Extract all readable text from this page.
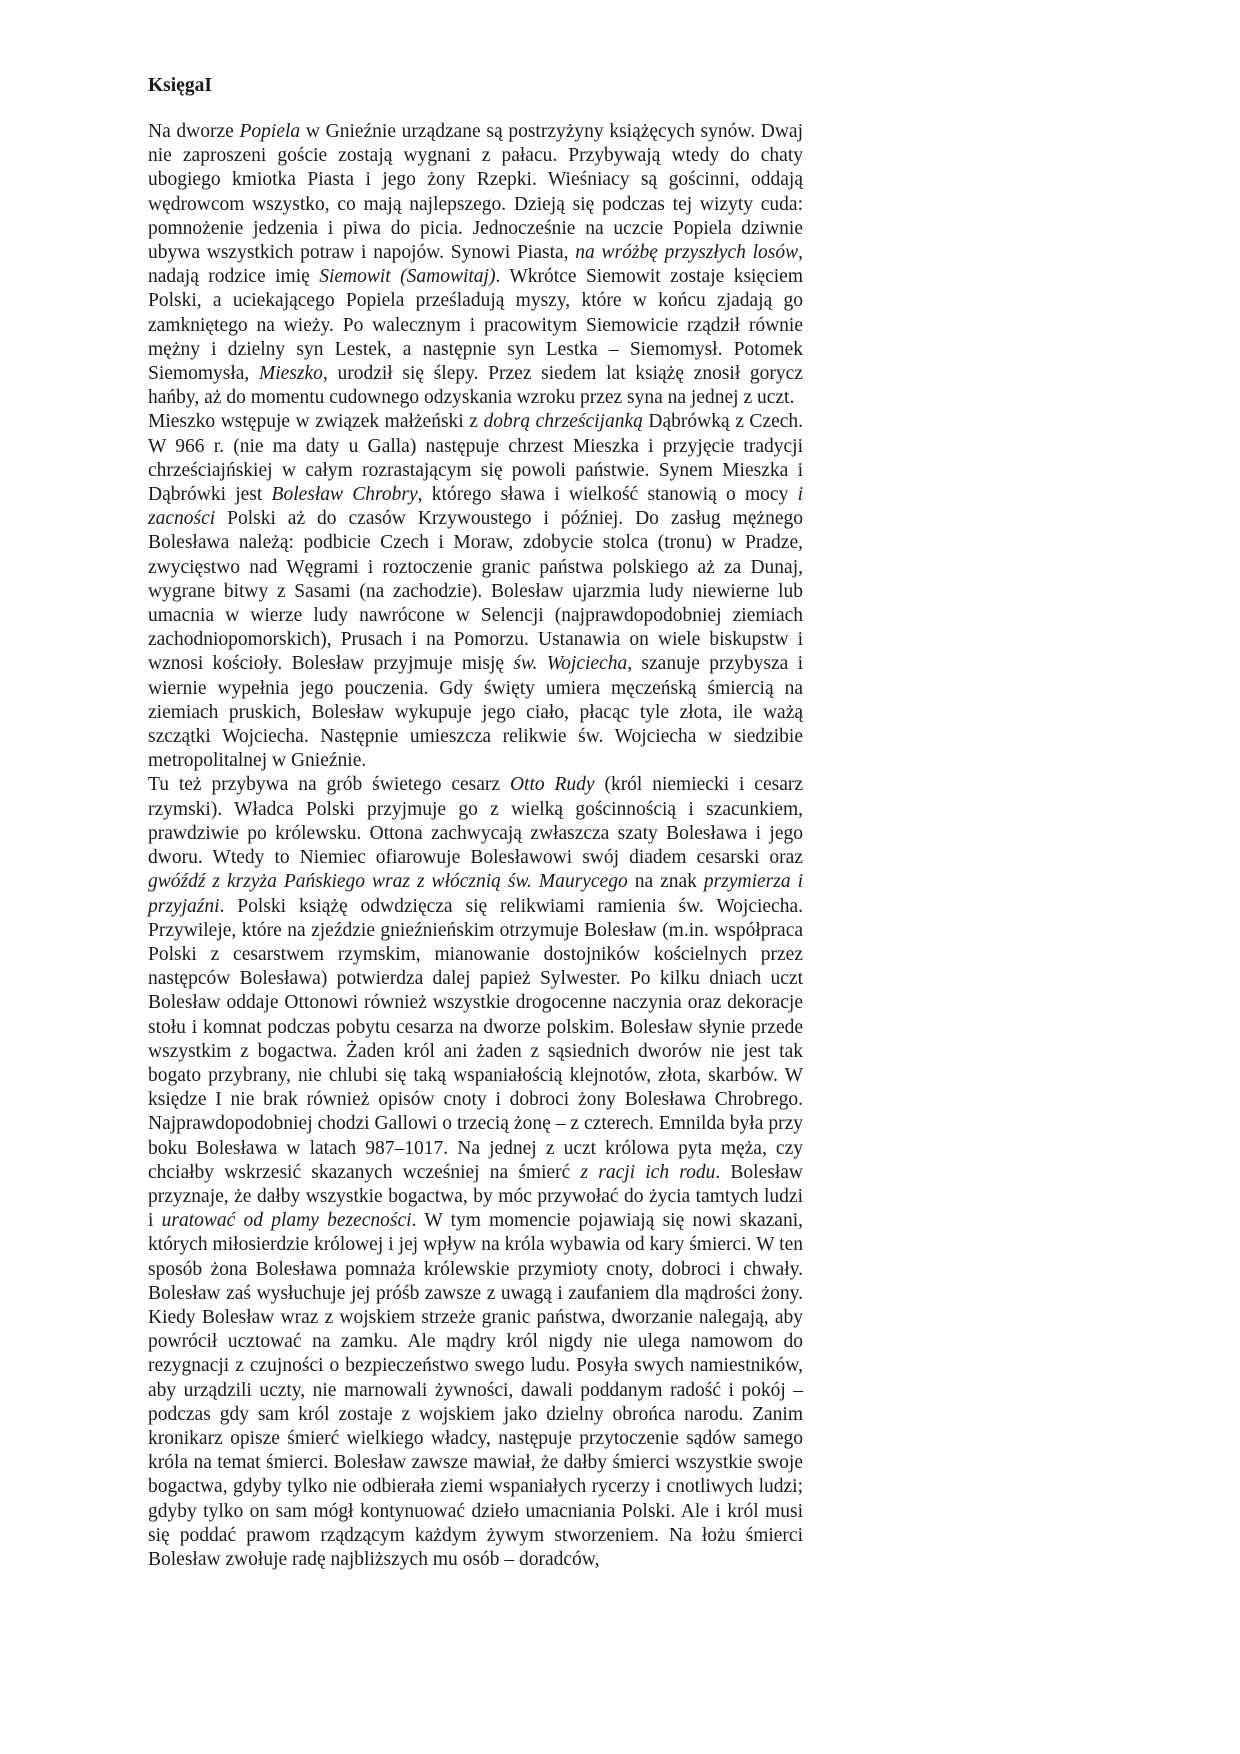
KsięgaI

Na dworze Popiela w Gnieźnie urządzane są postrzyżyny książęcych synów. Dwaj nie zaproszeni goście zostają wygnani z pałacu. Przybywają wtedy do chaty ubogiego kmiotka Piasta i jego żony Rzepki. Wieśniacy są gościnni, oddają wędrowcom wszystko, co mają najlepszego. Dzieją się podczas tej wizyty cuda: pomnożenie jedzenia i piwa do picia. Jednocześnie na uczcie Popiela dziwnie ubywa wszystkich potraw i napojów. Synowi Piasta, na wróżbę przyszłych losów, nadają rodzice imię Siemowit (Samowitaj). Wkrótce Siemowit zostaje księciem Polski, a uciekającego Popiela prześladują myszy, które w końcu zjadają go zamkniętego na wieży. Po walecznym i pracowitym Siemowicie rządził równie mężny i dzielny syn Lestek, a następnie syn Lestka – Siemomysł. Potomek Siemomysła, Mieszko, urodził się ślepy. Przez siedem lat książę znosił gorycz hańby, aż do momentu cudownego odzyskania wzroku przez syna na jednej z uczt.

Mieszko wstępuje w związek małżeński z dobrą chrześcijanką Dąbrówką z Czech. W 966 r. (nie ma daty u Galla) następuje chrzest Mieszka i przyjęcie tradycji chrześciajńskiej w całym rozrastającym się powoli państwie. Synem Mieszka i Dąbrówki jest Bolesław Chrobry, którego sława i wielkość stanowią o mocy i zacności Polski aż do czasów Krzywoustego i później. Do zasług mężnego Bolesława należą: podbicie Czech i Moraw, zdobycie stolca (tronu) w Pradze, zwycięstwo nad Węgrami i roztoczenie granic państwa polskiego aż za Dunaj, wygrane bitwy z Sasami (na zachodzie). Bolesław ujarzmia ludy niewierne lub umacnia w wierze ludy nawrócone w Selencji (najprawdopodobniej ziemiach zachodniopomorskich), Prusach i na Pomorzu. Ustanawia on wiele biskupstw i wznosi kościoły. Bolesław przyjmuje misję św. Wojciecha, szanuje przybysza i wiernie wypełnia jego pouczenia. Gdy święty umiera męczeńską śmiercią na ziemiach pruskich, Bolesław wykupuje jego ciało, płacąc tyle złota, ile ważą szczątki Wojciecha. Następnie umieszcza relikwie św. Wojciecha w siedzibie metropolitalnej w Gnieźnie.

Tu też przybywa na grób świetego cesarz Otto Rudy (król niemiecki i cesarz rzymski). Władca Polski przyjmuje go z wielką gościnnością i szacunkiem, prawdziwie po królewsku. Ottona zachwycają zwłaszcza szaty Bolesława i jego dworu. Wtedy to Niemiec ofiarowuje Bolesławowi swój diadem cesarski oraz gwóźdź z krzyża Pańskiego wraz z włócznią św. Maurycego na znak przymierza i przyjaźni. Polski książę odwdzięcza się relikwiami ramienia św. Wojciecha. Przywileje, które na zjeździe gnieźnieńskim otrzymuje Bolesław (m.in. współpraca Polski z cesarstwem rzymskim, mianowanie dostojników kościelnych przez następców Bolesława) potwierdza dalej papież Sylwester. Po kilku dniach uczt Bolesław oddaje Ottonowi również wszystkie drogocenne naczynia oraz dekoracje stołu i komnat podczas pobytu cesarza na dworze polskim. Bolesław słynie przede wszystkim z bogactwa. Żaden król ani żaden z sąsiednich dworów nie jest tak bogato przybrany, nie chlubi się taką wspaniałością klejnotów, złota, skarbów. W księdze I nie brak również opisów cnoty i dobroci żony Bolesława Chrobrego. Najprawdopodobniej chodzi Gallowi o trzecią żonę – z czterech. Emnilda była przy boku Bolesława w latach 987–1017. Na jednej z uczt królowa pyta męża, czy chciałby wskrzesić skazanych wcześniej na śmierć z racji ich rodu. Bolesław przyznaje, że dałby wszystkie bogactwa, by móc przywołać do życia tamtych ludzi i uratować od plamy bezecności. W tym momencie pojawiają się nowi skazani, których miłosierdzie królowej i jej wpływ na króla wybawia od kary śmierci. W ten sposób żona Bolesława pomnaża królewskie przymioty cnoty, dobroci i chwały. Bolesław zaś wysłuchuje jej próśb zawsze z uwagą i zaufaniem dla mądrości żony. Kiedy Bolesław wraz z wojskiem strzeże granic państwa, dworzanie nalegają, aby powrócił ucztować na zamku. Ale mądry król nigdy nie ulega namowom do rezygnacji z czujności o bezpieczeństwo swego ludu. Posyła swych namiestników, aby urządzili uczty, nie marnowali żywności, dawali poddanym radość i pokój – podczas gdy sam król zostaje z wojskiem jako dzielny obrońca narodu. Zanim kronikarz opisze śmierć wielkiego władcy, następuje przytoczenie sądów samego króla na temat śmierci. Bolesław zawsze mawiał, że dałby śmierci wszystkie swoje bogactwa, gdyby tylko nie odbierała ziemi wspaniałych rycerzy i cnotliwych ludzi; gdyby tylko on sam mógł kontynuować dzieło umacniania Polski. Ale i król musi się poddać prawom rządzącym każdym żywym stworzeniem. Na łożu śmierci Bolesław zwołuje radę najbliższych mu osób – doradców,
